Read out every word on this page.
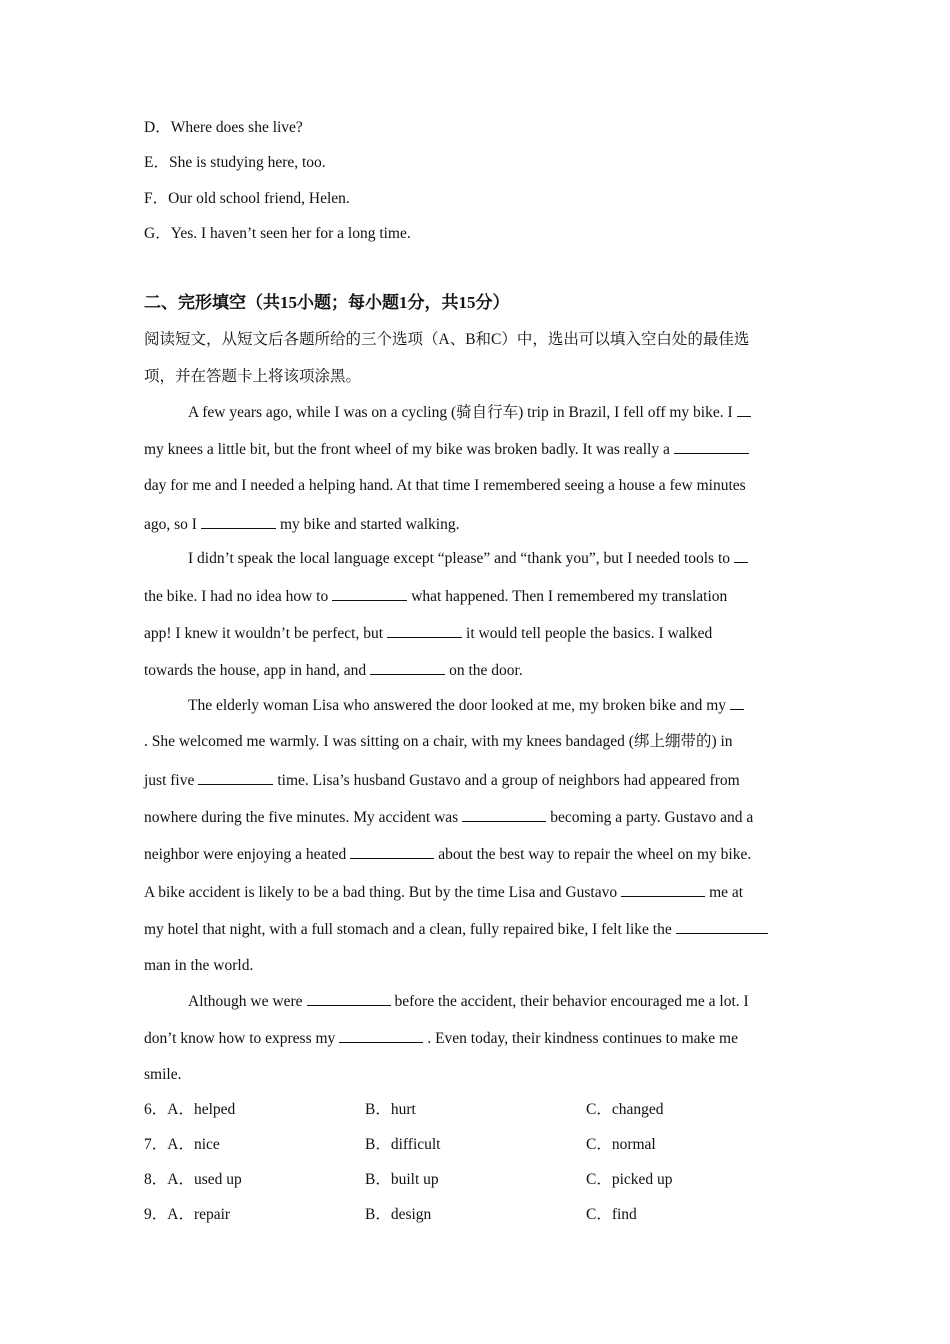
D．Where does she live?
E．She is studying here, too.
F．Our old school friend, Helen.
G．Yes. I haven’t seen her for a long time.
二、完形填空（共15小题；每小题1分，共15分）
阅读短文，从短文后各题所给的三个选项（A、B和C）中，选出可以填入空白处的最佳选
项，并在答题卡上将该项涂黑。
A few years ago, while I was on a cycling (骑自行车) trip in Brazil, I fell off my bike. I
my knees a little bit, but the front wheel of my bike was broken badly. It was really a
day for me and I needed a helping hand. At that time I remembered seeing a house a few minutes
ago, so I	my bike and started walking.
I didn’t speak the local language except “please” and “thank you”, but I needed tools to
the bike. I had no idea how to	what happened. Then I remembered my translation
app! I knew it wouldn’t be perfect, but	it would tell people the basics. I walked
towards the house, app in hand, and	on the door.
The elderly woman Lisa who answered the door looked at me, my broken bike and my
. She welcomed me warmly. I was sitting on a chair, with my knees bandaged (绑上绷带的) in
just five	time. Lisa’s husband Gustavo and a group of neighbors had appeared from
nowhere during the five minutes. My accident was	becoming a party. Gustavo and a
neighbor were enjoying a heated	about the best way to repair the wheel on my bike.
A bike accident is likely to be a bad thing. But by the time Lisa and Gustavo	me at
my hotel that night, with a full stomach and a clean, fully repaired bike, I felt like the
man in the world.
Although we were	before the accident, their behavior encouraged me a lot. I
don’t know how to express my	. Even today, their kindness continues to make me
smile.
6．A．helped	B．hurt	C．changed
7．A．nice	B．difficult	C．normal
8．A．used up	B．built up	C．picked up
9．A．repair	B．design	C．find
